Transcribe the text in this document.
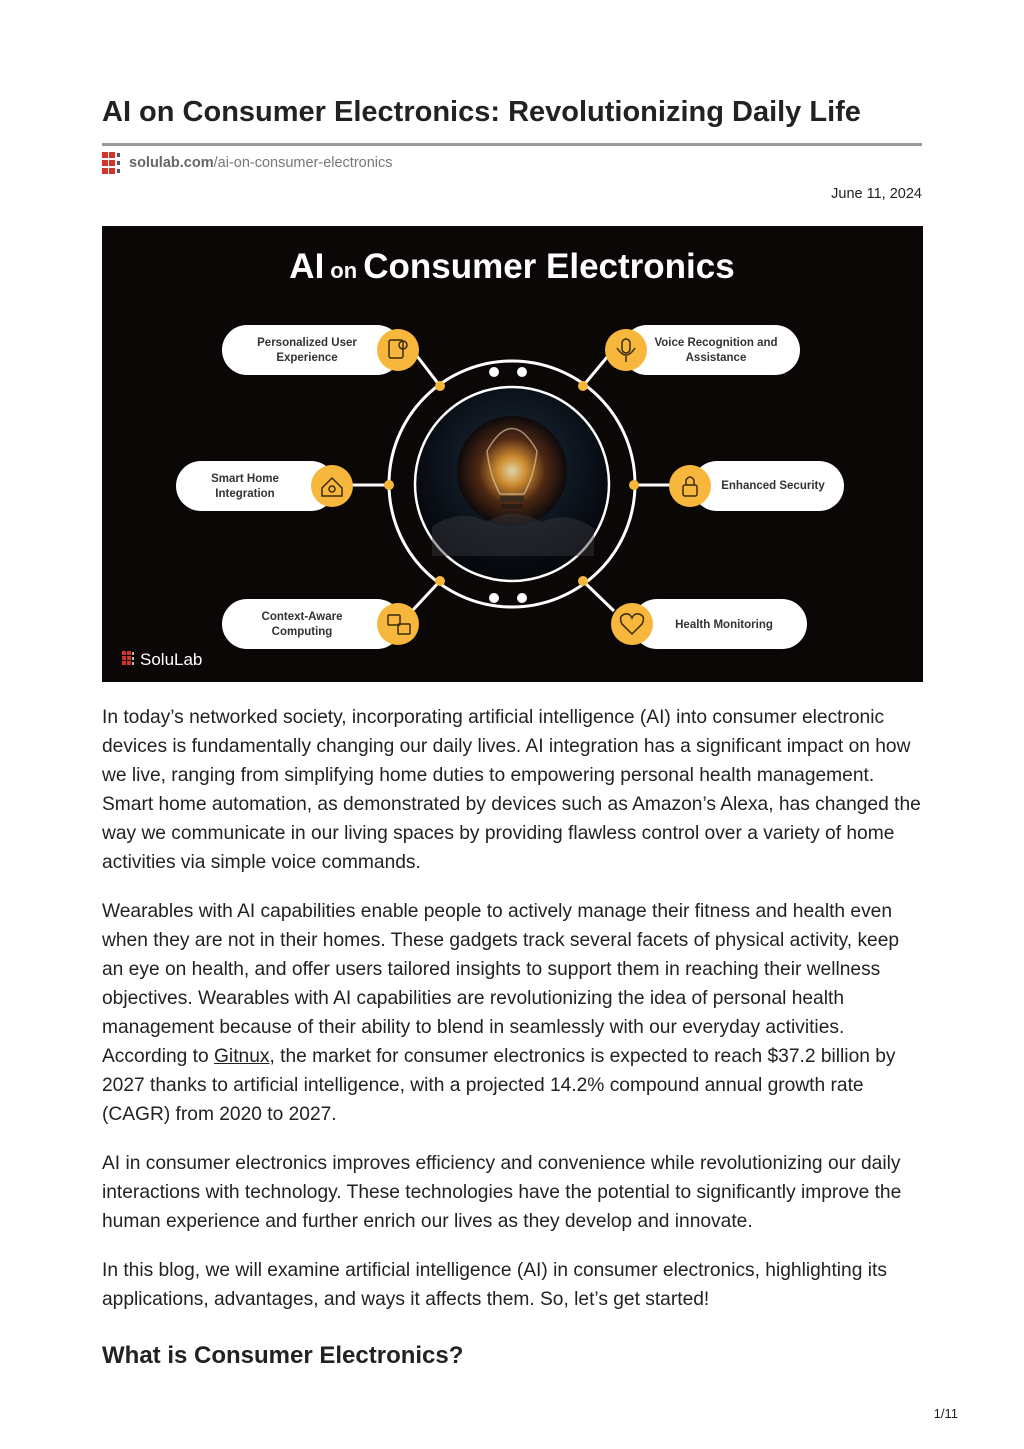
AI on Consumer Electronics: Revolutionizing Daily Life
solulab.com /ai-on-consumer-electronics
June 11, 2024
AI on Consumer Electronics
Personalized User
Experience
Voice Recognition and
Assistance
Smart Home
Integration
Enhanced Security
Context-Aware
Computing
Health Monitoring
SoluLab

In today’s networked society, incorporating artificial intelligence (AI) into consumer electronic devices is fundamentally changing our daily lives. AI integration has a significant impact on how we live, ranging from simplifying home duties to empowering personal health management. Smart home automation, as demonstrated by devices such as Amazon’s Alexa, has changed the way we communicate in our living spaces by providing flawless control over a variety of home activities via simple voice commands.

Wearables with AI capabilities enable people to actively manage their fitness and health even when they are not in their homes. These gadgets track several facets of physical activity, keep an eye on health, and offer users tailored insights to support them in reaching their wellness objectives. Wearables with AI capabilities are revolutionizing the idea of personal health management because of their ability to blend in seamlessly with our everyday activities. According to Gitnux, the market for consumer electronics is expected to reach $37.2 billion by 2027 thanks to artificial intelligence, with a projected 14.2% compound annual growth rate (CAGR) from 2020 to 2027.

AI in consumer electronics improves efficiency and convenience while revolutionizing our daily interactions with technology. These technologies have the potential to significantly improve the human experience and further enrich our lives as they develop and innovate.

In this blog, we will examine artificial intelligence (AI) in consumer electronics, highlighting its applications, advantages, and ways it affects them. So, let’s get started!

What is Consumer Electronics?
1/11
